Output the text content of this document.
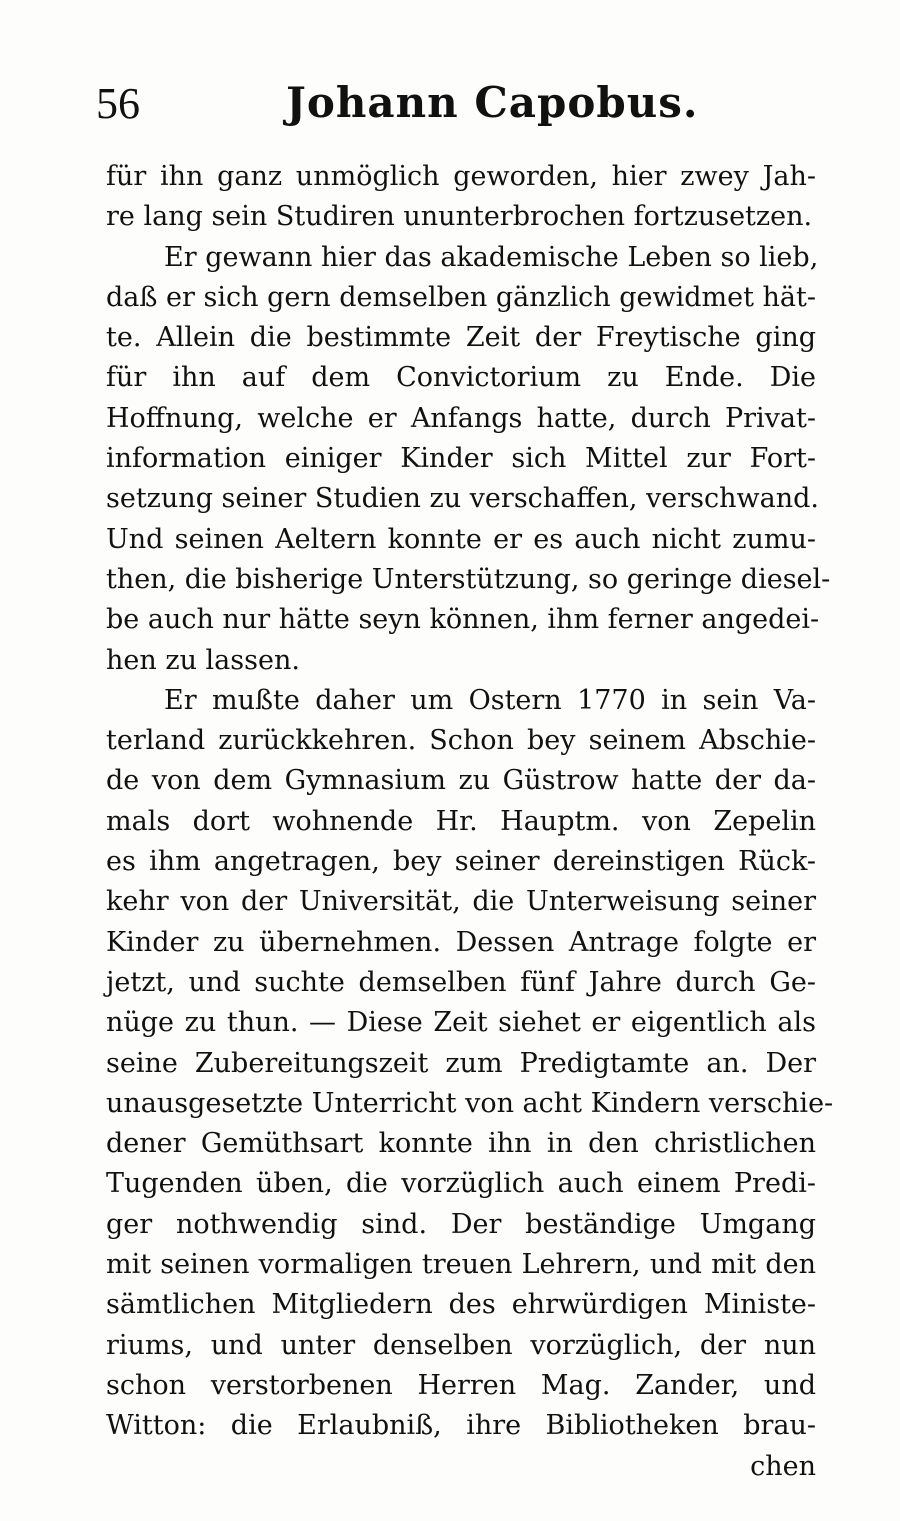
56	Johann Capobus.
für ihn ganz unmöglich geworden, hier zwey Jah-
re lang sein Studiren ununterbrochen fortzusetzen.
Er gewann hier das akademische Leben so lieb,
daß er sich gern demselben gänzlich gewidmet hät-
te. Allein die bestimmte Zeit der Freytische ging
für ihn auf dem Convictorium zu Ende. Die
Hoffnung, welche er Anfangs hatte, durch Privat-
information einiger Kinder sich Mittel zur Fort-
setzung seiner Studien zu verschaffen, verschwand.
Und seinen Aeltern konnte er es auch nicht zumu-
then, die bisherige Unterstützung, so geringe diesel-
be auch nur hätte seyn können, ihm ferner angedei-
hen zu lassen.
Er mußte daher um Ostern 1770 in sein Va-
terland zurückkehren. Schon bey seinem Abschie-
de von dem Gymnasium zu Güstrow hatte der da-
mals dort wohnende Hr. Hauptm. von Zepelin
es ihm angetragen, bey seiner dereinstigen Rück-
kehr von der Universität, die Unterweisung seiner
Kinder zu übernehmen. Dessen Antrage folgte er
jetzt, und suchte demselben fünf Jahre durch Ge-
nüge zu thun. — Diese Zeit siehet er eigentlich als
seine Zubereitungszeit zum Predigtamte an. Der
unausgesetzte Unterricht von acht Kindern verschie-
dener Gemüthsart konnte ihn in den christlichen
Tugenden üben, die vorzüglich auch einem Predi-
ger nothwendig sind. Der beständige Umgang
mit seinen vormaligen treuen Lehrern, und mit den
sämtlichen Mitgliedern des ehrwürdigen Ministe-
riums, und unter denselben vorzüglich, der nun
schon verstorbenen Herren Mag. Zander, und
Witton: die Erlaubniß, ihre Bibliotheken brau-
chen
